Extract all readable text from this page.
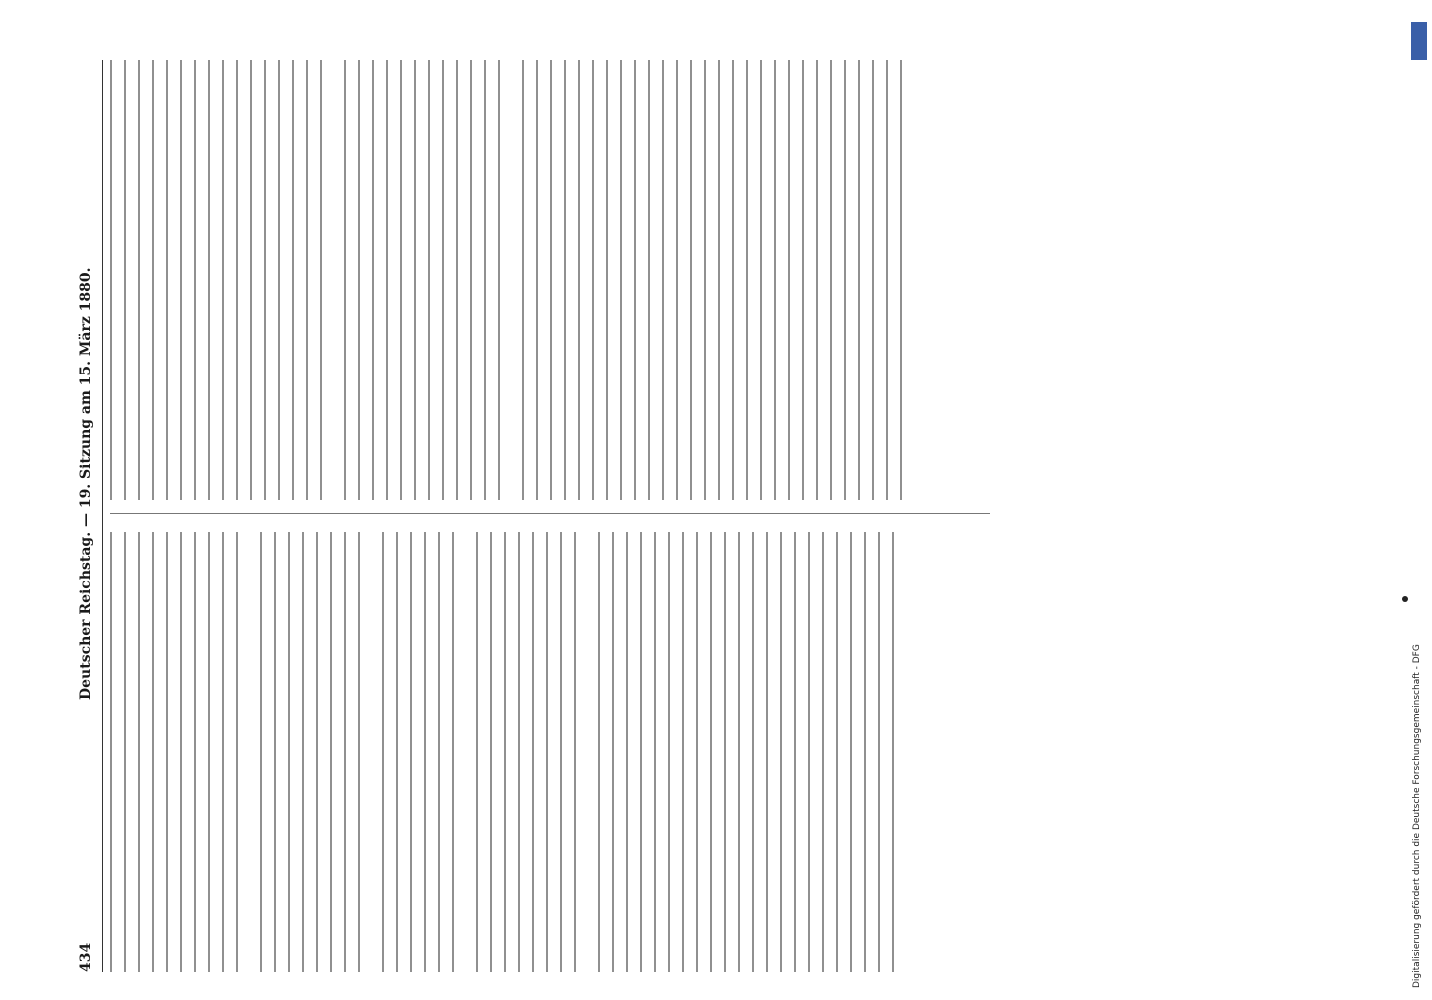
434
Deutscher Reichstag. — 19. Sitzung am 15. März 1880.
Digitalisierung gefördert durch die Deutsche Forschungsgemeinschaft - DFG
